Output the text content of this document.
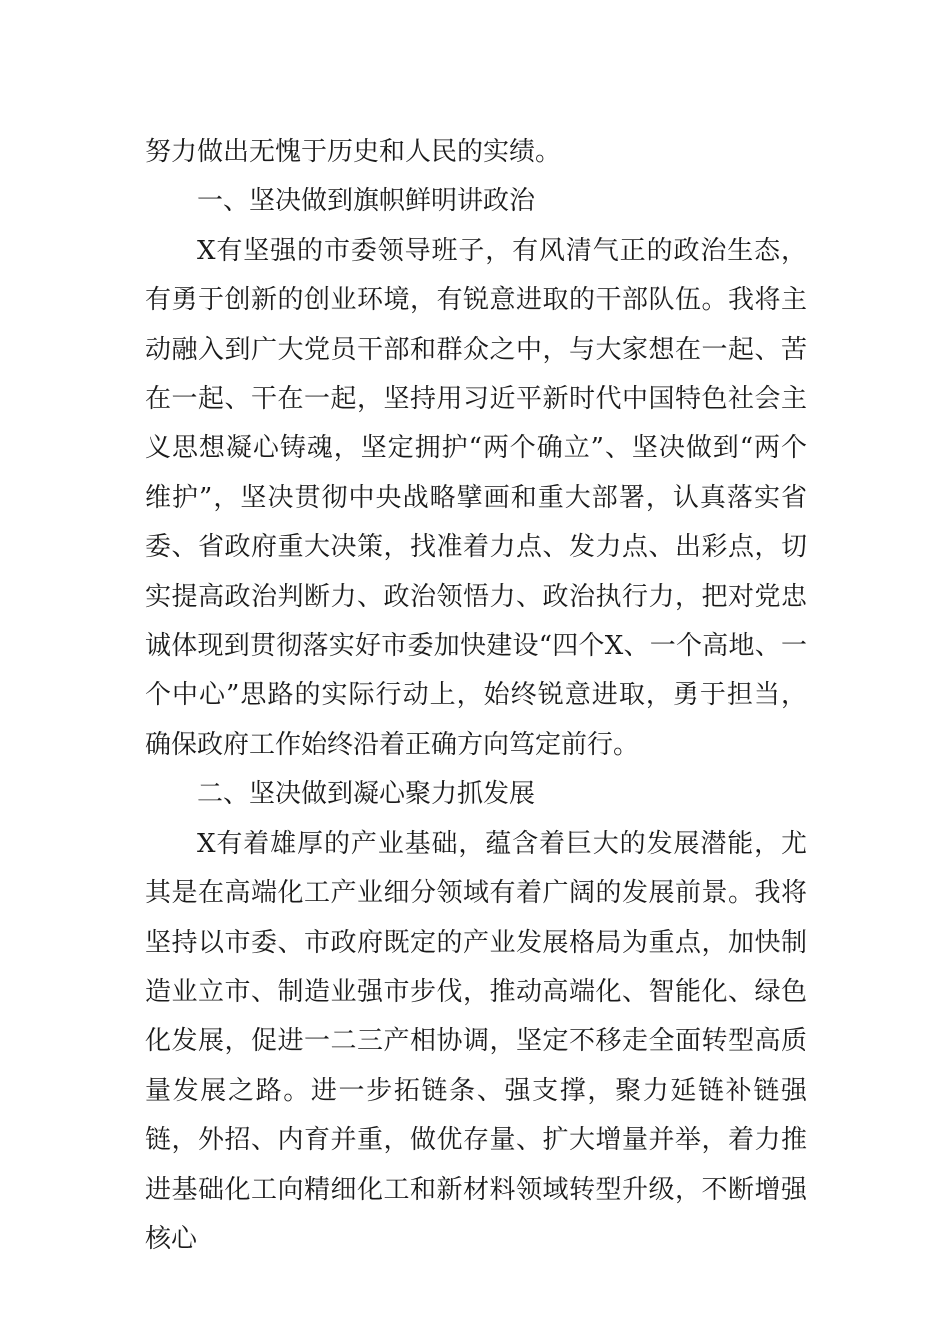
努力做出无愧于历史和人民的实绩。

一、坚决做到旗帜鲜明讲政治

X有坚强的市委领导班子，有风清气正的政治生态，有勇于创新的创业环境，有锐意进取的干部队伍。我将主动融入到广大党员干部和群众之中，与大家想在一起、苦在一起、干在一起，坚持用习近平新时代中国特色社会主义思想凝心铸魂，坚定拥护“两个确立”、坚决做到“两个维护”，坚决贯彻中央战略擘画和重大部署，认真落实省委、省政府重大决策，找准着力点、发力点、出彩点，切实提高政治判断力、政治领悟力、政治执行力，把对党忠诚体现到贯彻落实好市委加快建设“四个X、一个高地、一个中心”思路的实际行动上，始终锐意进取，勇于担当，确保政府工作始终沿着正确方向笃定前行。

二、坚决做到凝心聚力抓发展

X有着雄厚的产业基础，蕴含着巨大的发展潜能，尤其是在高端化工产业细分领域有着广阔的发展前景。我将坚持以市委、市政府既定的产业发展格局为重点，加快制造业立市、制造业强市步伐，推动高端化、智能化、绿色化发展，促进一二三产相协调，坚定不移走全面转型高质量发展之路。进一步拓链条、强支撑，聚力延链补链强链，外招、内育并重，做优存量、扩大增量并举，着力推进基础化工向精细化工和新材料领域转型升级，不断增强核心
